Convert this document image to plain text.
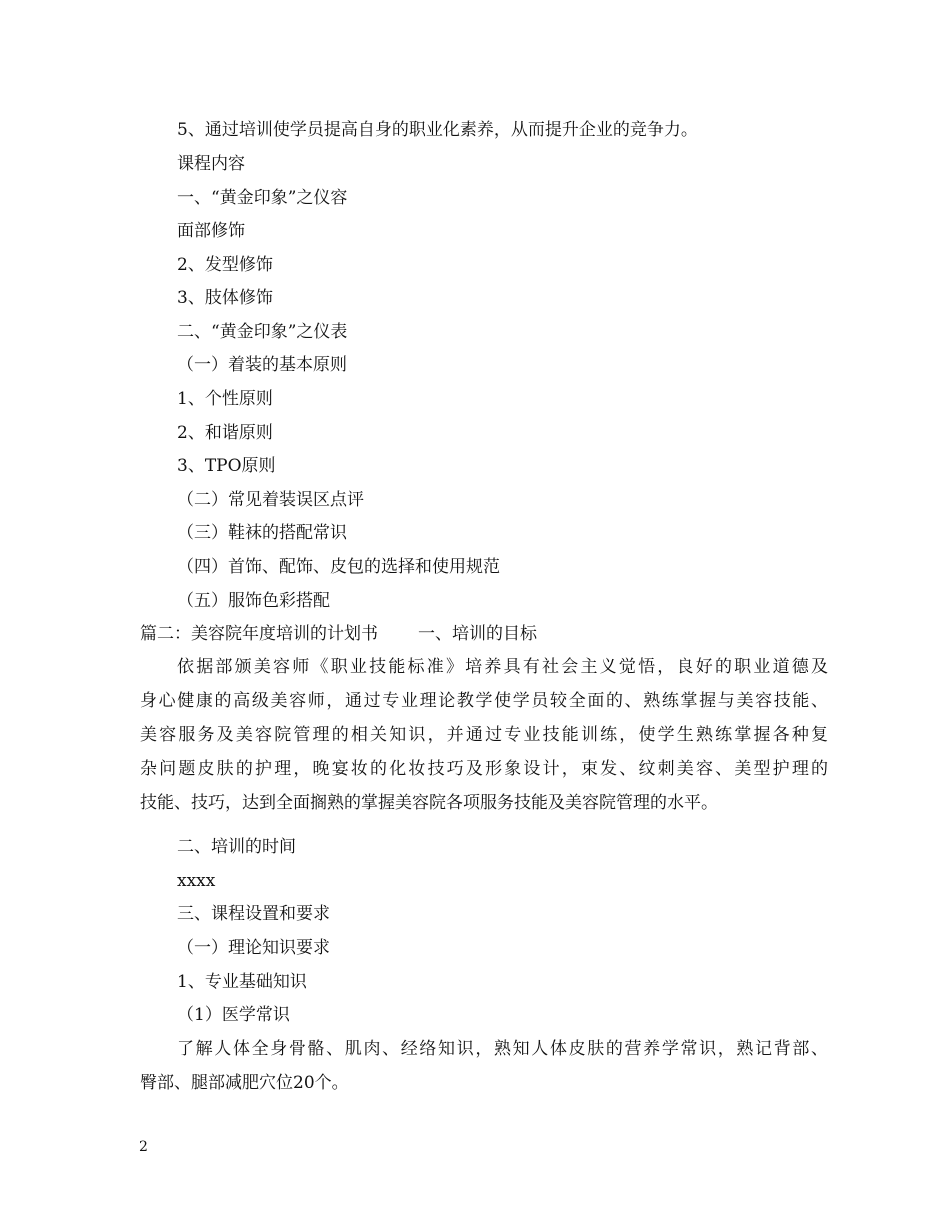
5、通过培训使学员提高自身的职业化素养，从而提升企业的竞争力。
课程内容
一、“黄金印象”之仪容
面部修饰
2、发型修饰
3、肢体修饰
二、“黄金印象”之仪表
（一）着装的基本原则
1、个性原则
2、和谐原则
3、TPO原则
（二）常见着装误区点评
（三）鞋袜的搭配常识
（四）首饰、配饰、皮包的选择和使用规范
（五）服饰色彩搭配
篇二：美容院年度培训的计划书 一、培训的目标
依据部颁美容师《职业技能标准》培养具有社会主义觉悟，良好的职业道德及
身心健康的高级美容师，通过专业理论教学使学员较全面的、熟练掌握与美容技能、
美容服务及美容院管理的相关知识，并通过专业技能训练，使学生熟练掌握各种复
杂问题皮肤的护理，晚宴妆的化妆技巧及形象设计，束发、纹刺美容、美型护理的
技能、技巧，达到全面搁熟的掌握美容院各项服务技能及美容院管理的水平。
二、培训的时间
xxxx
三、课程设置和要求
（一）理论知识要求
1、专业基础知识
（1）医学常识
了解人体全身骨骼、肌肉、经络知识，熟知人体皮肤的营养学常识，熟记背部、
臀部、腿部减肥穴位20个。
2
